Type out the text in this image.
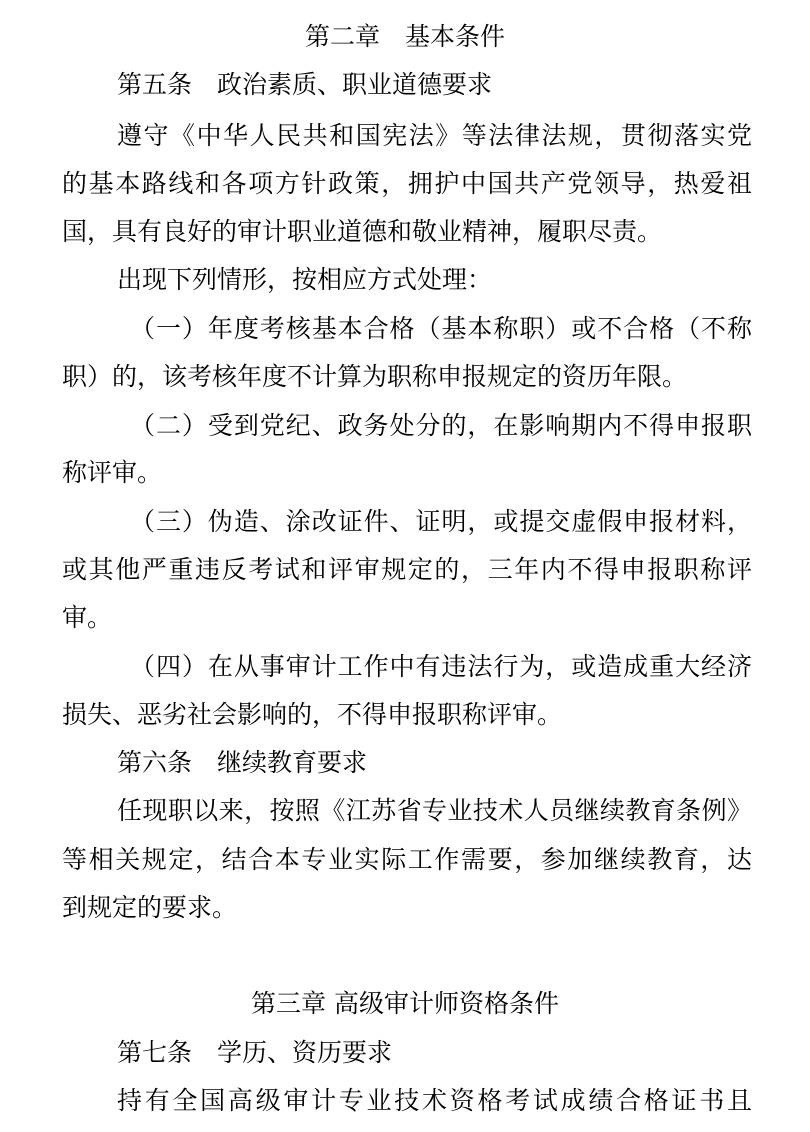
第二章　基本条件
第五条　政治素质、职业道德要求
遵守《中华人民共和国宪法》等法律法规，贯彻落实党
的基本路线和各项方针政策，拥护中国共产党领导，热爱祖
国，具有良好的审计职业道德和敬业精神，履职尽责。
出现下列情形，按相应方式处理：
（一）年度考核基本合格（基本称职）或不合格（不称
职）的，该考核年度不计算为职称申报规定的资历年限。
（二）受到党纪、政务处分的，在影响期内不得申报职
称评审。
（三）伪造、涂改证件、证明，或提交虚假申报材料，
或其他严重违反考试和评审规定的，三年内不得申报职称评
审。
（四）在从事审计工作中有违法行为，或造成重大经济
损失、恶劣社会影响的，不得申报职称评审。
第六条　继续教育要求
任现职以来，按照《江苏省专业技术人员继续教育条例》
等相关规定，结合本专业实际工作需要，参加继续教育，达
到规定的要求。
第三章 高级审计师资格条件
第七条　学历、资历要求
持有全国高级审计专业技术资格考试成绩合格证书且
